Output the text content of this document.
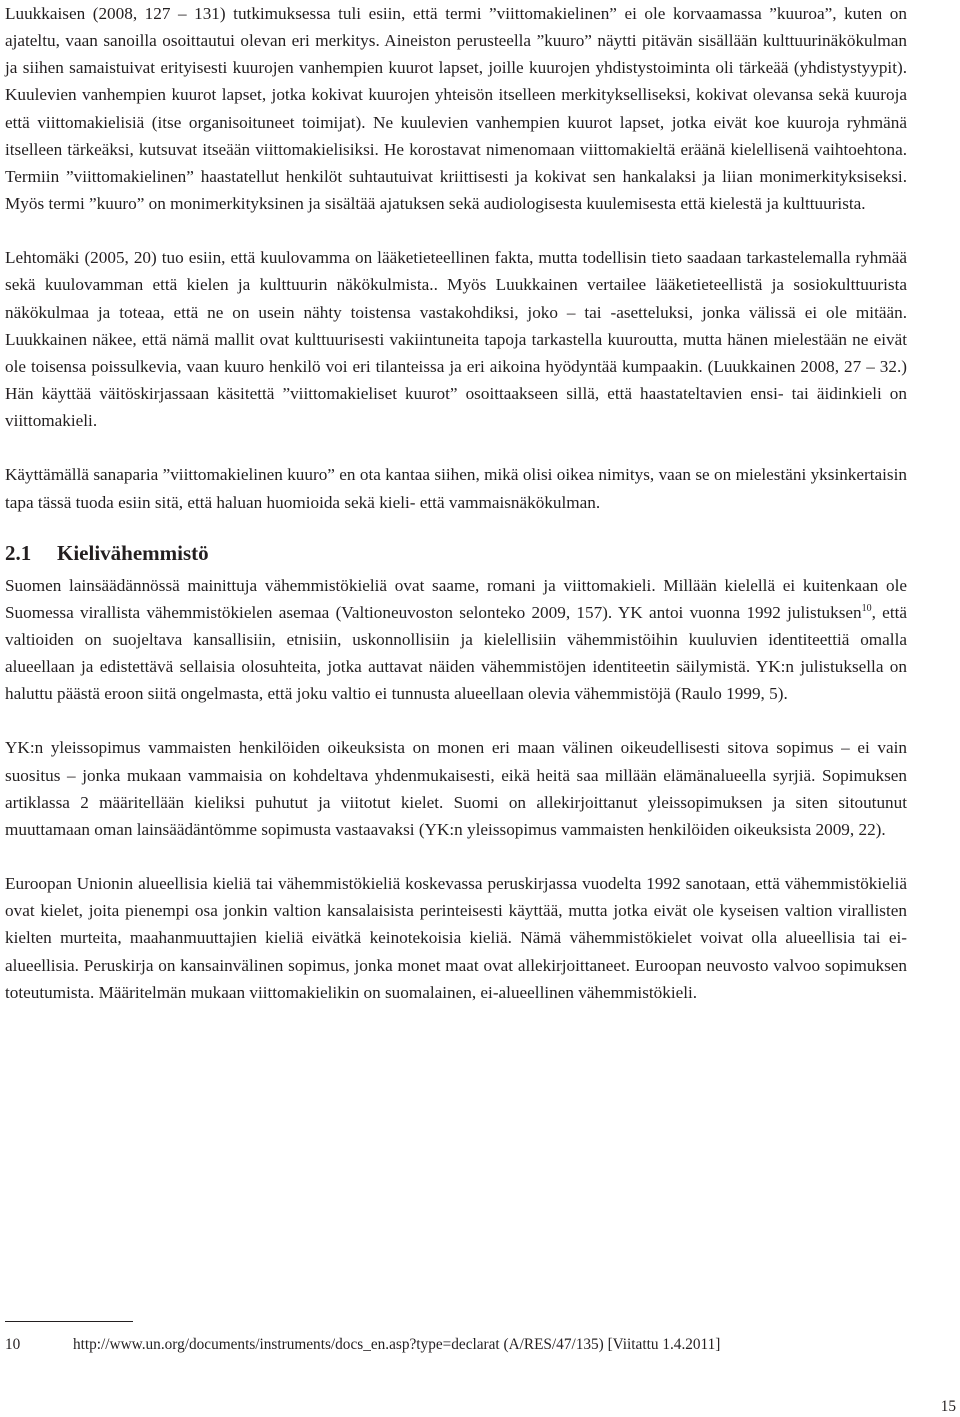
Luukkaisen (2008, 127 – 131) tutkimuksessa tuli esiin, että termi ”viittomakielinen” ei ole korvaamassa ”kuuroa”, kuten on ajateltu, vaan sanoilla osoittautui olevan eri merkitys. Aineiston perusteella ”kuuro” näytti pitävän sisällään kulttuurinäkökulman ja siihen samaistuivat erityisesti kuurojen vanhempien kuurot lapset, joille kuurojen yhdistystoiminta oli tärkeää (yhdistystyypit). Kuulevien vanhempien kuurot lapset, jotka kokivat kuurojen yhteisön itselleen merkitykselliseksi, kokivat olevansa sekä kuuroja että viittomakielisiä (itse organisoituneet toimijat). Ne kuulevien vanhempien kuurot lapset, jotka eivät koe kuuroja ryhmänä itselleen tärkeäksi, kutsuvat itseään viittomakielisiksi. He korostavat nimenomaan viittomakieltä eräänä kielellisenä vaihtoehtona. Termiin ”viittomakielinen” haastatellut henkilöt suhtautuivat kriittisesti ja kokivat sen hankalaksi ja liian monimerkityksiseksi. Myös termi ”kuuro” on monimerkityksinen ja sisältää ajatuksen sekä audiologisesta kuulemisesta että kielestä ja kulttuurista.

Lehtomäki (2005, 20) tuo esiin, että kuulovamma on lääketieteellinen fakta, mutta todellisin tieto saadaan tarkastelemalla ryhmää sekä kuulovamman että kielen ja kulttuurin näkökulmista.. Myös Luukkainen vertailee lääketieteellistä ja sosiokulttuurista näkökulmaa ja toteaa, että ne on usein nähty toistensa vastakohdiksi, joko – tai -asetteluksi, jonka välissä ei ole mitään. Luukkainen näkee, että nämä mallit ovat kulttuurisesti vakiintuneita tapoja tarkastella kuuroutta, mutta hänen mielestään ne eivät ole toisensa poissulkevia, vaan kuuro henkilö voi eri tilanteissa ja eri aikoina hyödyntää kumpaakin. (Luukkainen 2008, 27 – 32.) Hän käyttää väitöskirjassaan käsitettä ”viittomakieliset kuurot” osoittaakseen sillä, että haastateltavien ensi- tai äidinkieli on viittomakieli.

Käyttämällä sanaparia ”viittomakielinen kuuro” en ota kantaa siihen, mikä olisi oikea nimitys, vaan se on mielestäni yksinkertaisin tapa tässä tuoda esiin sitä, että haluan huomioida sekä kieli- että vammaisnäkökulman.

2.1 Kielivähemmistö

Suomen lainsäädännössä mainittuja vähemmistökieliä ovat saame, romani ja viittomakieli. Millään kielellä ei kuitenkaan ole Suomessa virallista vähemmistökielen asemaa (Valtioneuvoston selonteko 2009, 157). YK antoi vuonna 1992 julistuksen$^{10}$, että valtioiden on suojeltava kansallisiin, etnisiin, uskonnollisiin ja kielellisiin vähemmistöihin kuuluvien identiteettiä omalla alueellaan ja edistettävä sellaisia olosuhteita, jotka auttavat näiden vähemmistöjen identiteetin säilymistä. YK:n julistuksella on haluttu päästä eroon siitä ongelmasta, että joku valtio ei tunnusta alueellaan olevia vähemmistöjä (Raulo 1999, 5).

YK:n yleissopimus vammaisten henkilöiden oikeuksista on monen eri maan välinen oikeudellisesti sitova sopimus – ei vain suositus – jonka mukaan vammaisia on kohdeltava yhdenmukaisesti, eikä heitä saa millään elämänalueella syrjiä. Sopimuksen artiklassa 2 määritellään kieliksi puhutut ja viitotut kielet. Suomi on allekirjoittanut yleissopimuksen ja siten sitoutunut muuttamaan oman lainsäädäntömme sopimusta vastaavaksi (YK:n yleissopimus vammaisten henkilöiden oikeuksista 2009, 22).

Euroopan Unionin alueellisia kieliä tai vähemmistökieliä koskevassa peruskirjassa vuodelta 1992 sanotaan, että vähemmistökieliä ovat kielet, joita pienempi osa jonkin valtion kansalaisista perinteisesti käyttää, mutta jotka eivät ole kyseisen valtion virallisten kielten murteita, maahanmuuttajien kieliä eivätkä keinotekoisia kieliä. Nämä vähemmistökielet voivat olla alueellisia tai ei-alueellisia. Peruskirja on kansainvälinen sopimus, jonka monet maat ovat allekirjoittaneet. Euroopan neuvosto valvoo sopimuksen toteutumista. Määritelmän mukaan viittomakielikin on suomalainen, ei-alueellinen vähemmistökieli.

10	http://www.un.org/documents/instruments/docs_en.asp?type=declarat (A/RES/47/135) [Viitattu 1.4.2011]
15
